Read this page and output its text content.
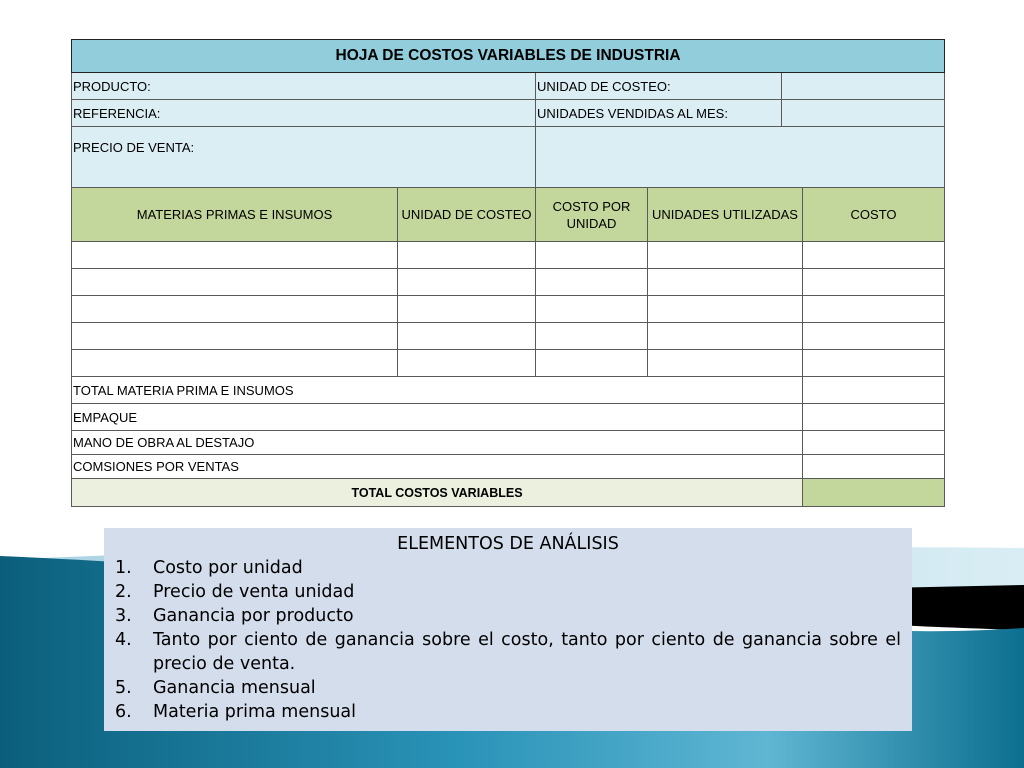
HOJA DE COSTOS VARIABLES DE INDUSTRIA					
PRODUCTO:		UNIDAD DE COSTEO:			
REFERENCIA:		UNIDADES VENDIDAS AL MES:			
PRECIO DE VENTA:					
MATERIAS PRIMAS E INSUMOS	UNIDAD DE COSTEO	COSTO POR UNIDAD	UNIDADES UTILIZADAS		COSTO

TOTAL MATERIA PRIMA E INSUMOS					
EMPAQUE					
MANO DE OBRA AL DESTAJO					
COMSIONES POR VENTAS					
TOTAL COSTOS VARIABLES					
ELEMENTOS DE ANÁLISIS
1.	Costo por unidad
2.	Precio de venta unidad
3.	Ganancia por producto
4.	Tanto por ciento de ganancia sobre el costo, tanto por ciento de ganancia sobre el precio de venta.
5.	Ganancia mensual
6.	Materia prima mensual
